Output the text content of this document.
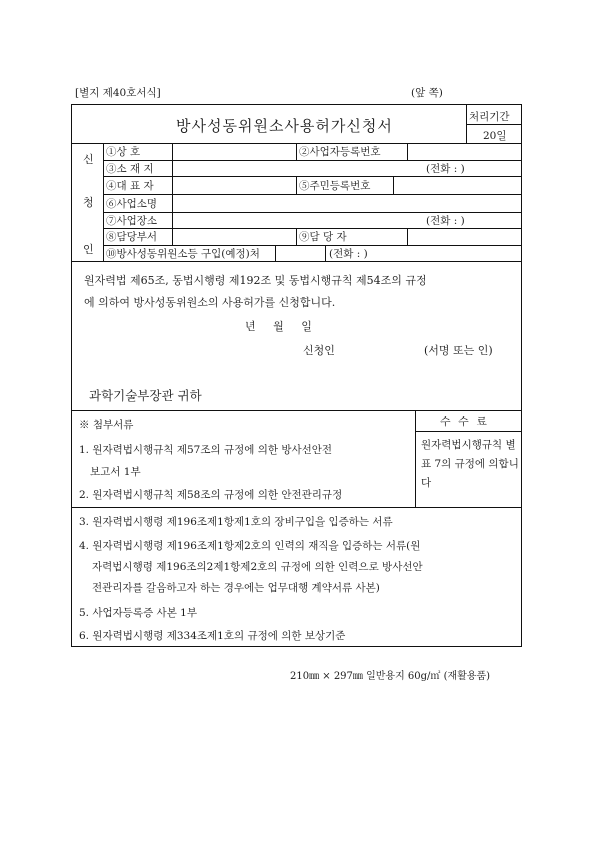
[별지 제40호서식]	(앞 쪽)
방사성동위원소사용허가신청서	처리기간
20일
신
청
인
①상 호	②사업자등록번호
③소 재 지	(전화 : )
④대 표 자	⑤주민등록번호
⑥사업소명
⑦사업장소	(전화 : )
⑧담당부서	⑨담 당 자
⑩방사성동위원소등 구입(예정)처	(전화 : )
원자력법 제65조, 동법시행령 제192조 및 동법시행규칙 제54조의 규정
에 의하여 방사성동위원소의 사용허가를 신청합니다.
년     월     일
신청인	(서명 또는 인)
과학기술부장관 귀하
※ 첨부서류
1. 원자력법시행규칙 제57조의 규정에 의한 방사선안전
보고서 1부
2. 원자력법시행규칙 제58조의 규정에 의한 안전관리규정
3. 원자력법시행령 제196조제1항제1호의 장비구입을 입증하는 서류
4. 원자력법시행령 제196조제1항제2호의 인력의 재직을 입증하는 서류(원
자력법시행령 제196조의2제1항제2호의 규정에 의한 인력으로 방사선안
전관리자를 갈음하고자 하는 경우에는 업무대행 계약서류 사본)
5. 사업자등록증 사본 1부
6. 원자력법시행령 제334조제1호의 규정에 의한 보상기준
수 수 료
원자력법시행규칙 별표 7의 규정에 의합니다
210㎜ × 297㎜ 일반용지 60g/㎡ (재활용품)
